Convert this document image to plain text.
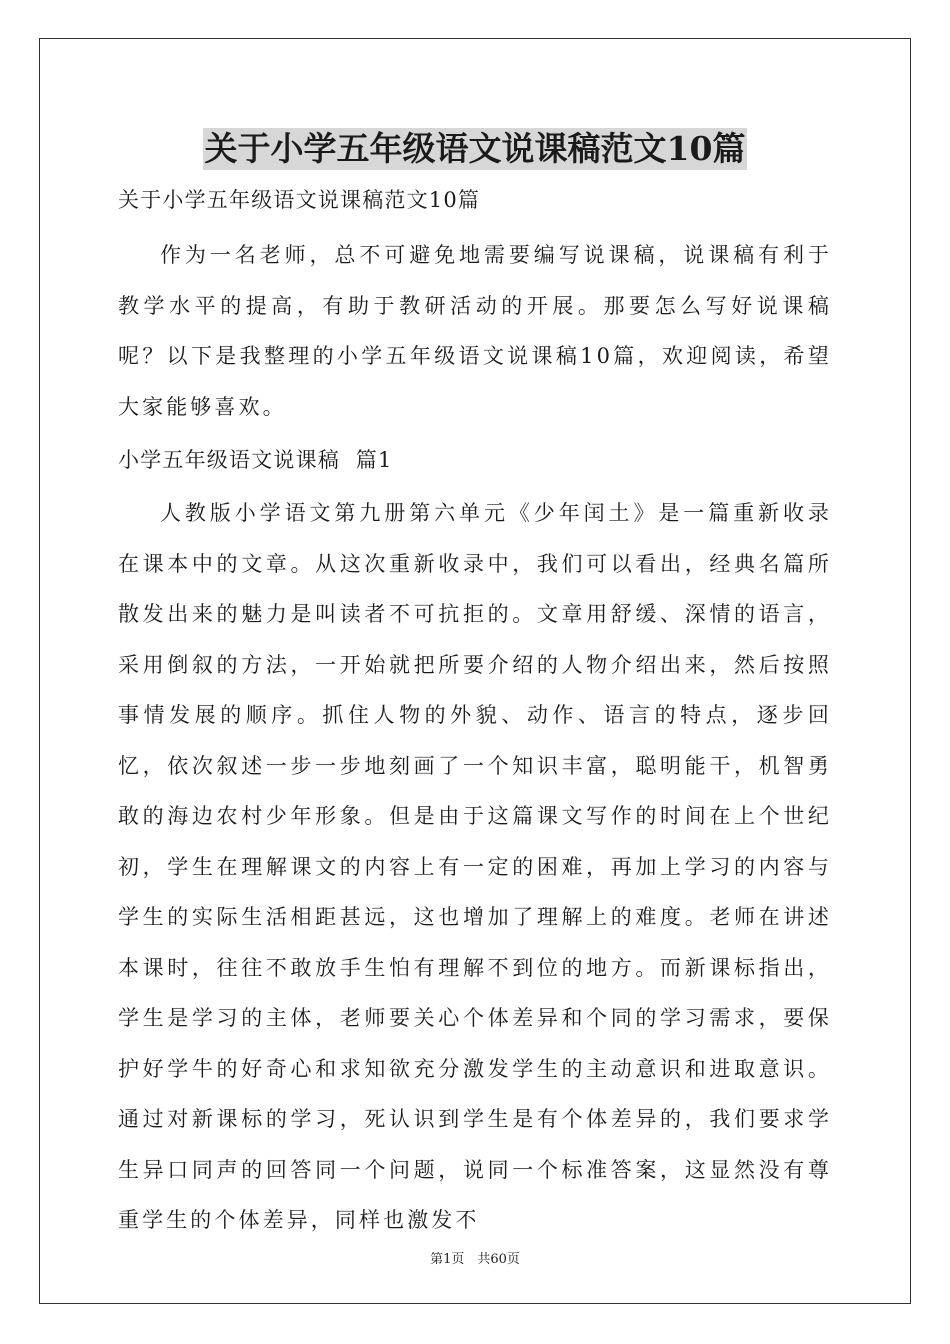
关于小学五年级语文说课稿范文10篇
关于小学五年级语文说课稿范文10篇

作为一名老师，总不可避免地需要编写说课稿，说课稿有利于教学水平的提高，有助于教研活动的开展。那要怎么写好说课稿呢？以下是我整理的小学五年级语文说课稿10篇，欢迎阅读，希望大家能够喜欢。

小学五年级语文说课稿  篇1

人教版小学语文第九册第六单元《少年闰土》是一篇重新收录在课本中的文章。从这次重新收录中，我们可以看出，经典名篇所散发出来的魅力是叫读者不可抗拒的。文章用舒缓、深情的语言，采用倒叙的方法，一开始就把所要介绍的人物介绍出来，然后按照事情发展的顺序。抓住人物的外貌、动作、语言的特点，逐步回忆，依次叙述一步一步地刻画了一个知识丰富，聪明能干，机智勇敢的海边农村少年形象。但是由于这篇课文写作的时间在上个世纪初，学生在理解课文的内容上有一定的困难，再加上学习的内容与学生的实际生活相距甚远，这也增加了理解上的难度。老师在讲述本课时，往往不敢放手生怕有理解不到位的地方。而新课标指出，学生是学习的主体，老师要关心个体差异和个同的学习需求，要保护好学牛的好奇心和求知欲充分激发学生的主动意识和进取意识。通过对新课标的学习，死认识到学生是有个体差异的，我们要求学生异口同声的回答同一个问题，说同一个标准答案，这显然没有尊重学生的个体差异，同样也激发不

第1页　共60页
